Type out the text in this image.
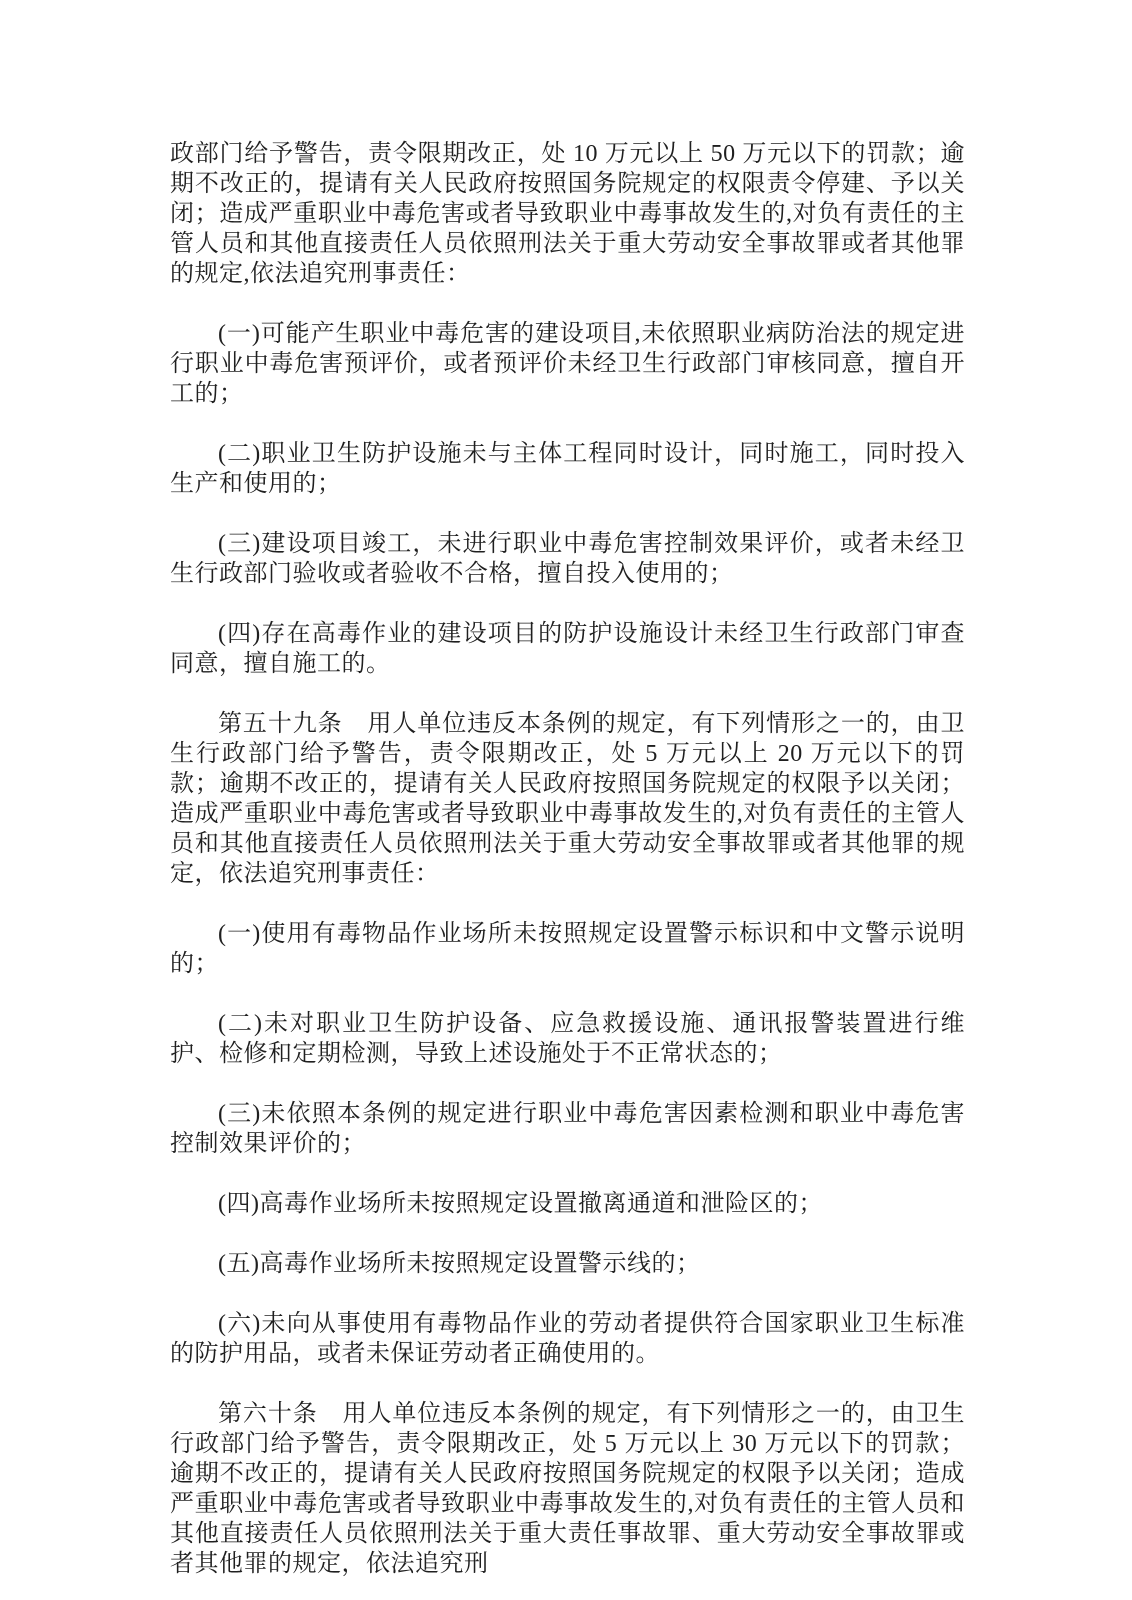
政部门给予警告，责令限期改正，处 10 万元以上 50 万元以下的罚款；逾期不改正的，提请有关人民政府按照国务院规定的权限责令停建、予以关闭；造成严重职业中毒危害或者导致职业中毒事故发生的,对负有责任的主管人员和其他直接责任人员依照刑法关于重大劳动安全事故罪或者其他罪的规定,依法追究刑事责任：

(一)可能产生职业中毒危害的建设项目,未依照职业病防治法的规定进行职业中毒危害预评价，或者预评价未经卫生行政部门审核同意，擅自开工的；

(二)职业卫生防护设施未与主体工程同时设计，同时施工，同时投入生产和使用的；

(三)建设项目竣工，未进行职业中毒危害控制效果评价，或者未经卫生行政部门验收或者验收不合格，擅自投入使用的；

(四)存在高毒作业的建设项目的防护设施设计未经卫生行政部门审查同意，擅自施工的。

第五十九条　用人单位违反本条例的规定，有下列情形之一的，由卫生行政部门给予警告，责令限期改正，处 5 万元以上 20 万元以下的罚款；逾期不改正的，提请有关人民政府按照国务院规定的权限予以关闭；造成严重职业中毒危害或者导致职业中毒事故发生的,对负有责任的主管人员和其他直接责任人员依照刑法关于重大劳动安全事故罪或者其他罪的规定，依法追究刑事责任：

(一)使用有毒物品作业场所未按照规定设置警示标识和中文警示说明的；

(二)未对职业卫生防护设备、应急救援设施、通讯报警装置进行维护、检修和定期检测，导致上述设施处于不正常状态的；

(三)未依照本条例的规定进行职业中毒危害因素检测和职业中毒危害控制效果评价的；

(四)高毒作业场所未按照规定设置撤离通道和泄险区的；

(五)高毒作业场所未按照规定设置警示线的；

(六)未向从事使用有毒物品作业的劳动者提供符合国家职业卫生标准的防护用品，或者未保证劳动者正确使用的。

第六十条　用人单位违反本条例的规定，有下列情形之一的，由卫生行政部门给予警告，责令限期改正，处 5 万元以上 30 万元以下的罚款；逾期不改正的，提请有关人民政府按照国务院规定的权限予以关闭；造成严重职业中毒危害或者导致职业中毒事故发生的,对负有责任的主管人员和其他直接责任人员依照刑法关于重大责任事故罪、重大劳动安全事故罪或者其他罪的规定，依法追究刑
